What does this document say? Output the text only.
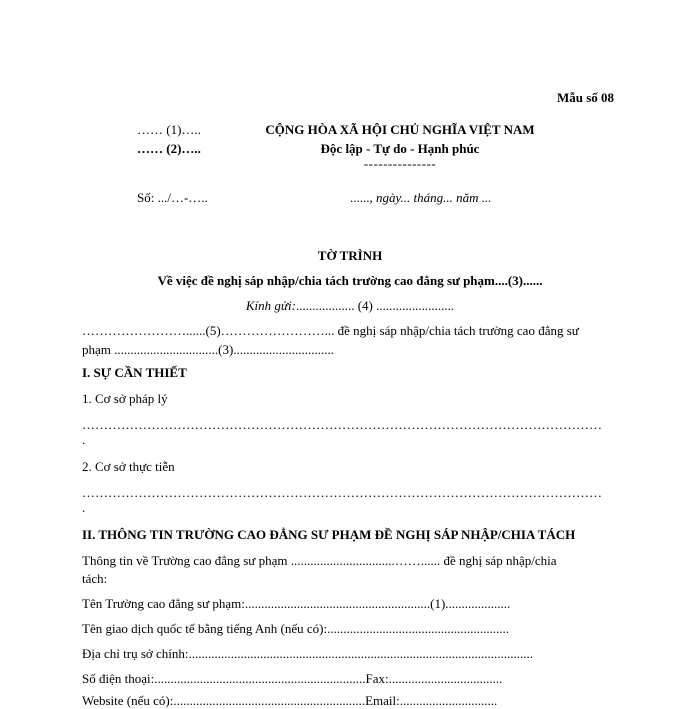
Mẫu số 08
…… (1)…..
…… (2)…..
CỘNG HÒA XÃ HỘI CHỦ NGHĨA VIỆT NAM
Độc lập - Tự do - Hạnh phúc
---------------
Số: .../…-…..	......, ngày... tháng... năm ...
TỜ TRÌNH
Về việc đề nghị sáp nhập/chia tách trường cao đẳng sư phạm....(3)......
Kính gửi:.................. (4) ........................
……………………......(5)……………………... đề nghị sáp nhập/chia tách trường cao đẳng sư
phạm ................................(3)...............................
I. SỰ CẦN THIẾT
1. Cơ sở pháp lý
…………………………………………………………………………………………………………
.
2. Cơ sở thực tiễn
…………………………………………………………………………………………………………
.
II. THÔNG TIN TRƯỜNG CAO ĐẲNG SƯ PHẠM ĐỀ NGHỊ SÁP NHẬP/CHIA TÁCH
Thông tin về Trường cao đẳng sư phạm ................................……...... đề nghị sáp nhập/chia
tách:
Tên Trường cao đẳng sư phạm:.........................................................(1)....................
Tên giao dịch quốc tế bằng tiếng Anh (nếu có):........................................................
Địa chỉ trụ sở chính:..........................................................................................................
Số điện thoại:.................................................................Fax:...................................
Website (nếu có):...........................................................Email:..............................
